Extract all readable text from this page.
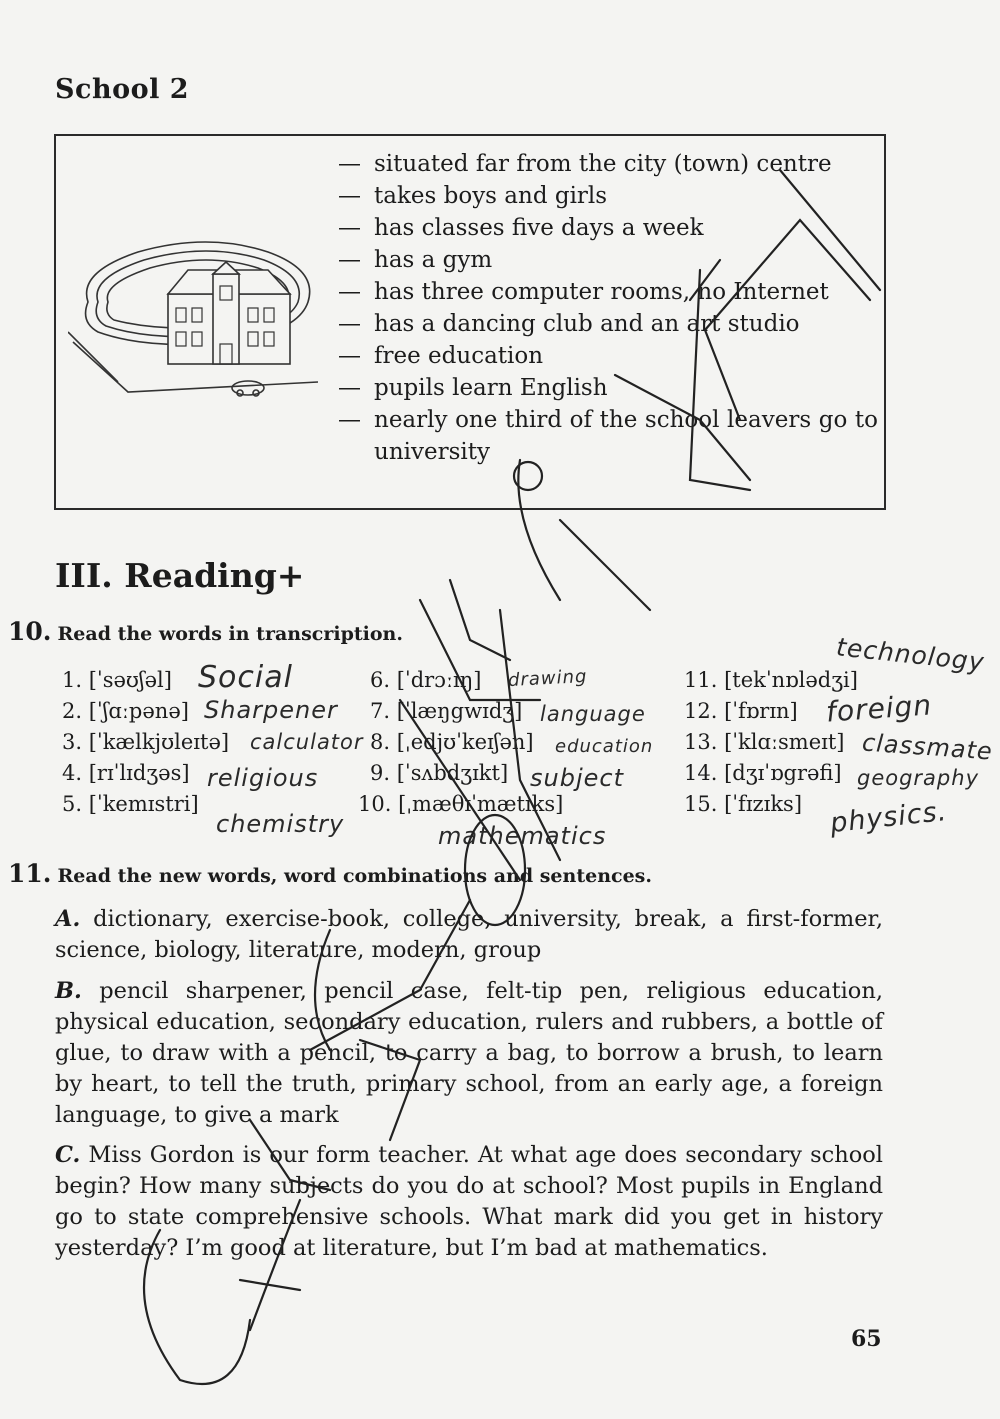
School 2
— situated far from the city (town) centre
— takes boys and girls
— has classes five days a week
— has a gym
— has three computer rooms, no Internet
— has a dancing club and an art studio
— free education
— pupils learn English
— nearly one third of the school leavers go to university
III. Reading+
10. Read the words in transcription.
1. [ˈsəʊʃəl]
2. [ˈʃɑːpənə]
3. [ˈkælkjʊleɪtə]
4. [rɪˈlɪdʒəs]
5. [ˈkemɪstri]
6. [ˈdrɔːɪŋ]
7. [ˈlæŋgwɪdʒ]
8. [ˌedjʊˈkeɪʃən]
9. [ˈsʌbdʒɪkt]
10. [ˌmæθɪˈmætɪks]
11. [tekˈnɒlədʒi]
12. [ˈfɒrɪn]
13. [ˈklɑːsmeɪt]
14. [dʒɪˈɒgrəfi]
15. [ˈfɪzɪks]
Social
Sharpener
calculator
religious
chemistry
drawing
language
education
subject
mathematics
technology
foreign
classmate
geography
physics.
11. Read the new words, word combinations and sentences.
A. dictionary, exercise-book, college, university, break, a first-former, science, biology, literature, modern, group
B. pencil sharpener, pencil case, felt-tip pen, religious education, physical education, secondary education, rulers and rubbers, a bottle of glue, to draw with a pencil, to carry a bag, to borrow a brush, to learn by heart, to tell the truth, primary school, from an early age, a foreign language, to give a mark
C. Miss Gordon is our form teacher. At what age does secondary school begin? How many subjects do you do at school? Most pupils in England go to state comprehensive schools. What mark did you get in history yesterday? I’m good at literature, but I’m bad at mathematics.
65
